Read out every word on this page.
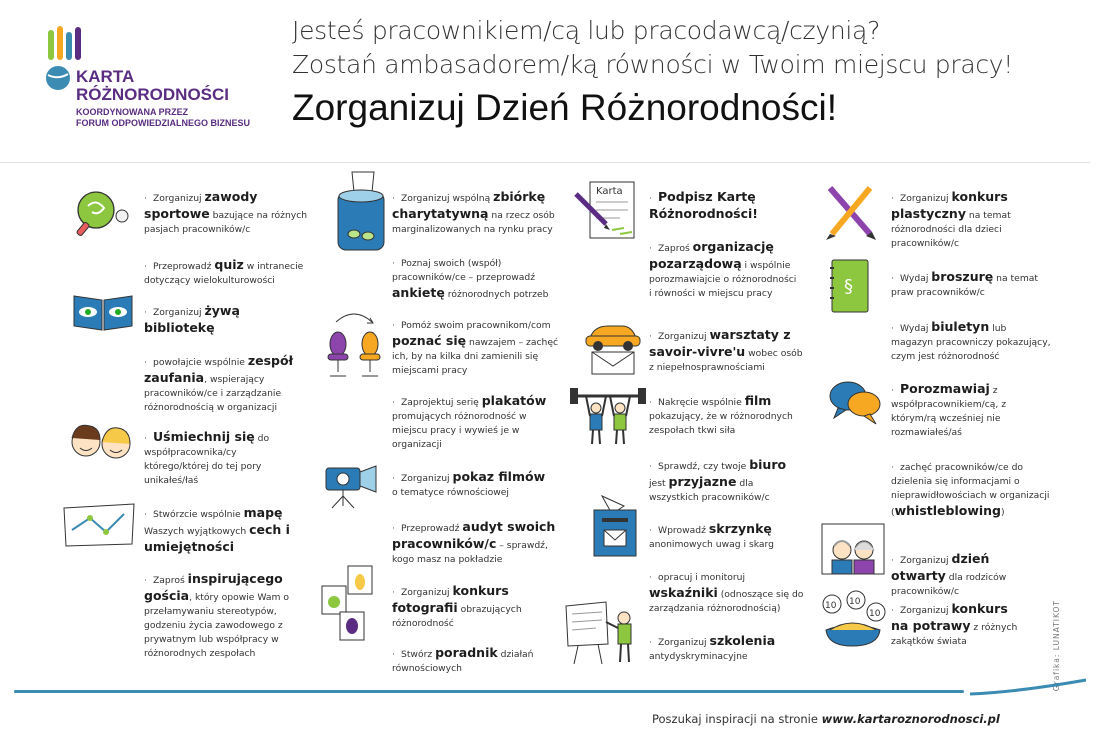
KARTA
RÓŻNORODNOŚCI
KOORDYNOWANA PRZEZ
FORUM ODPOWIEDZIALNEGO BIZNESU
Jesteś pracownikiem/cą lub pracodawcą/czynią?
Zostań ambasadorem/ką równości w Twoim miejscu pracy!
Zorganizuj Dzień Różnorodności!
Karta
§
10 10
10
· Zorganizuj zawody sportowe bazujące na różnych pasjach pracowników/c
· Przeprowadź quiz w intranecie dotyczący wielokulturowości
· Zorganizuj żywą bibliotekę
· powołajcie wspólnie zespół zaufania, wspierający pracowników/ce i zarządzanie różnorodnością w organizacji
· Uśmiechnij się do współpracownika/cy którego/której do tej pory unikałeś/łaś
· Stwórzcie wspólnie mapę Waszych wyjątkowych cech i umiejętności
· Zaproś inspirującego gościa, który opowie Wam o przełamywaniu stereotypów, godzeniu życia zawodowego z prywatnym lub współpracy w różnorodnych zespołach
· Zorganizuj wspólną zbiórkę charytatywną na rzecz osób marginalizowanych na rynku pracy
· Poznaj swoich (współ) pracowników/ce – przeprowadź ankietę różnorodnych potrzeb
· Pomóż swoim pracownikom/com poznać się nawzajem – zachęć ich, by na kilka dni zamienili się miejscami pracy
· Zaprojektuj serię plakatów promujących różnorodność w miejscu pracy i wywieś je w organizacji
· Zorganizuj pokaz filmów o tematyce równościowej
· Przeprowadź audyt swoich pracowników/c – sprawdź, kogo masz na pokładzie
· Zorganizuj konkurs fotografii obrazujących różnorodność
· Stwórz poradnik działań równościowych
· Podpisz Kartę Różnorodności!
· Zaproś organizację pozarządową i wspólnie porozmawiajcie o różnorodności i równości w miejscu pracy
· Zorganizuj warsztaty z savoir-vivre'u wobec osób z niepełnosprawnościami
· Nakręcie wspólnie film pokazujący, że w różnorodnych zespołach tkwi siła
· Sprawdź, czy twoje biuro jest przyjazne dla wszystkich pracowników/c
· Wprowadź skrzynkę anonimowych uwag i skarg
· opracuj i monitoruj wskaźniki (odnoszące się do zarządzania różnorodnością)
· Zorganizuj szkolenia antydyskryminacyjne
· Zorganizuj konkurs plastyczny na temat różnorodności dla dzieci pracowników/c
· Wydaj broszurę na temat praw pracowników/c
· Wydaj biuletyn lub magazyn pracowniczy pokazujący, czym jest różnorodność
· Porozmawiaj z współpracownikiem/cą, z którym/rą wcześniej nie rozmawiałeś/aś
· zachęć pracowników/ce do dzielenia się informacjami o nieprawidłowościach w organizacji (whistleblowing)
· Zorganizuj dzień otwarty dla rodziców pracowników/c
· Zorganizuj konkurs na potrawy z różnych zakątków świata	Grafika: LUNATIKOT
Poszukaj inspiracji na stronie www.kartaroznorodnosci.pl
